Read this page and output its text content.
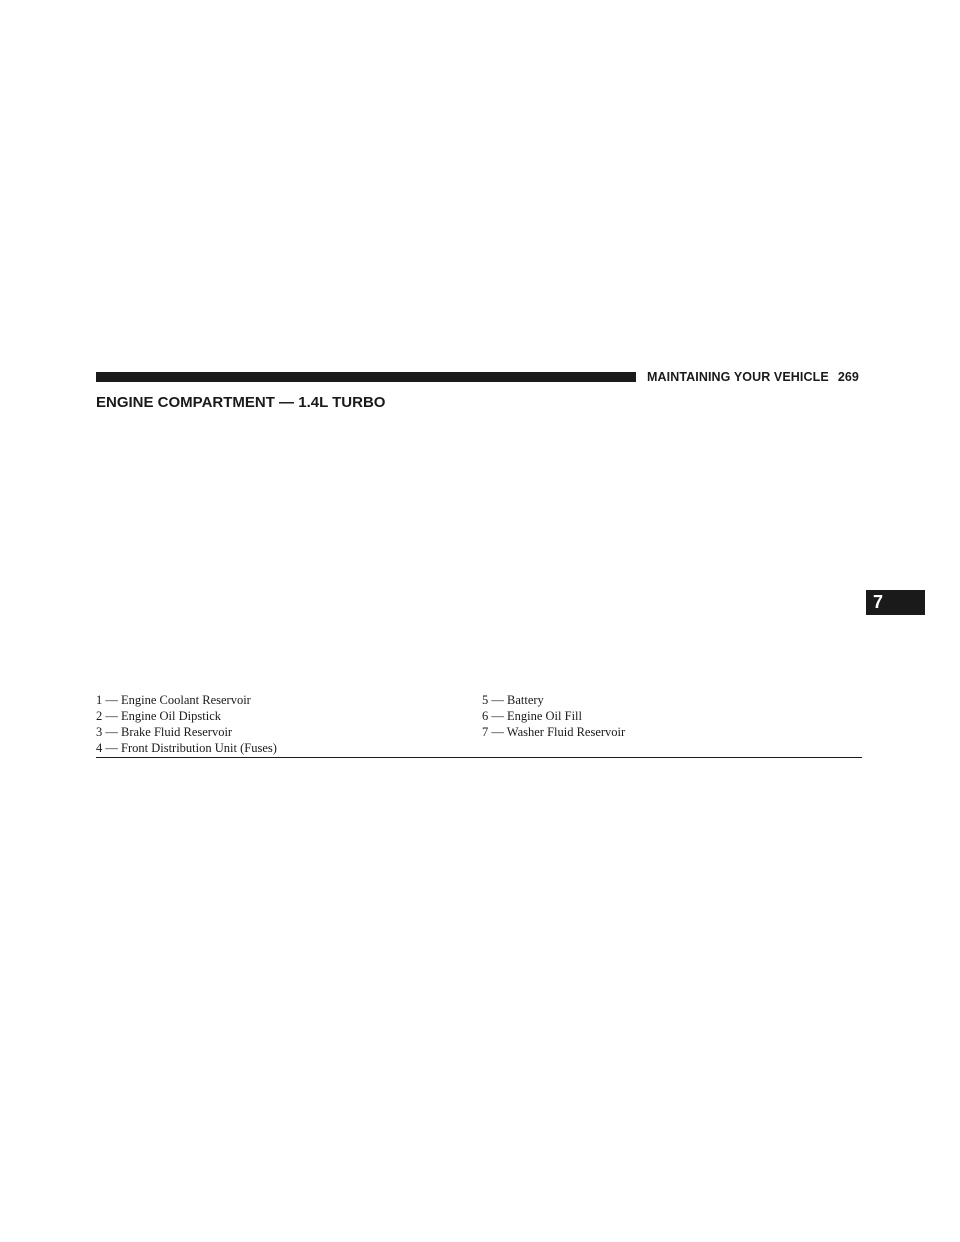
MAINTAINING YOUR VEHICLE 269
ENGINE COMPARTMENT — 1.4L TURBO
7
1 — Engine Coolant Reservoir
2 — Engine Oil Dipstick
3 — Brake Fluid Reservoir
4 — Front Distribution Unit (Fuses)
5 — Battery
6 — Engine Oil Fill
7 — Washer Fluid Reservoir
